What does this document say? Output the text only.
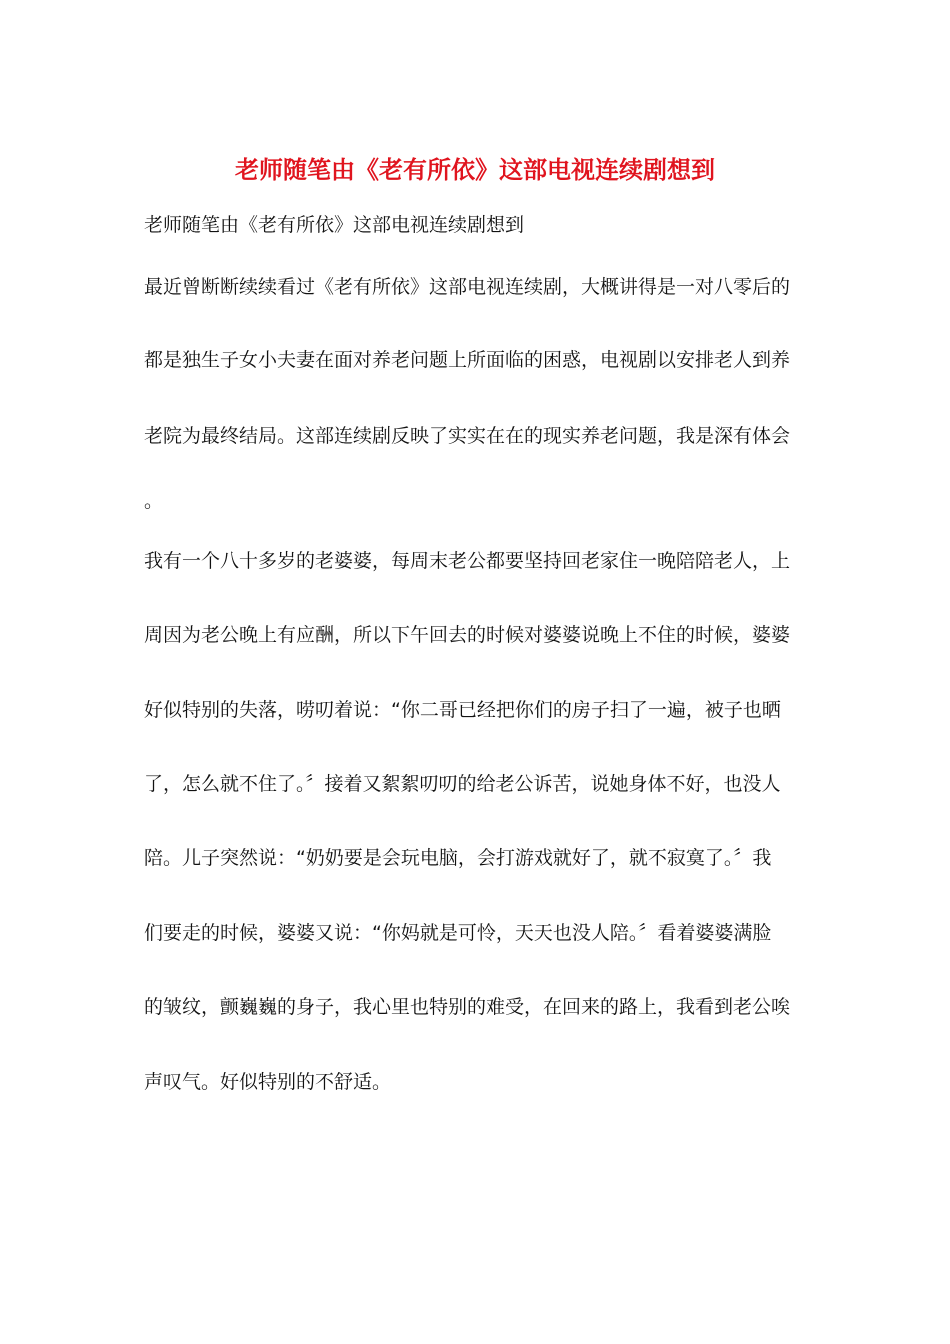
老师随笔由《老有所依》这部电视连续剧想到
老师随笔由《老有所依》这部电视连续剧想到
最近曾断断续续看过《老有所依》这部电视连续剧，大概讲得是一对八零后的
都是独生子女小夫妻在面对养老问题上所面临的困惑，电视剧以安排老人到养
老院为最终结局。这部连续剧反映了实实在在的现实养老问题，我是深有体会
。
我有一个八十多岁的老婆婆，每周末老公都要坚持回老家住一晚陪陪老人，上
周因为老公晚上有应酬，所以下午回去的时候对婆婆说晚上不住的时候，婆婆
好似特别的失落，唠叨着说：“你二哥已经把你们的房子扫了一遍，被子也晒
了，怎么就不住了。〞接着又絮絮叨叨的给老公诉苦，说她身体不好，也没人
陪。儿子突然说：“奶奶要是会玩电脑，会打游戏就好了，就不寂寞了。〞我
们要走的时候，婆婆又说：“你妈就是可怜，天天也没人陪。〞看着婆婆满脸
的皱纹，颤巍巍的身子，我心里也特别的难受，在回来的路上，我看到老公唉
声叹气。好似特别的不舒适。
